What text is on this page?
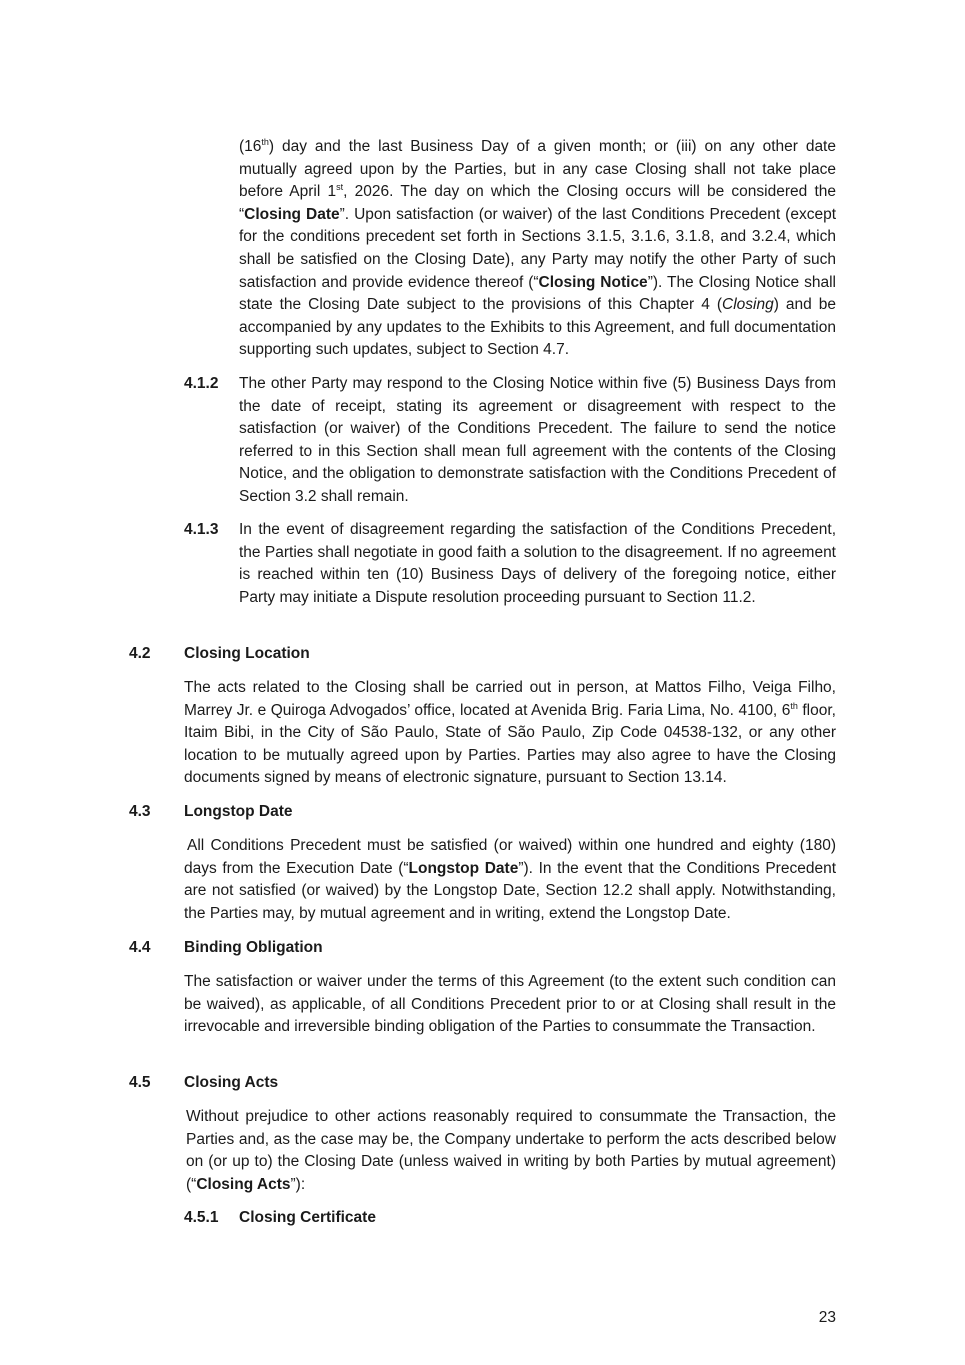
(16th) day and the last Business Day of a given month; or (iii) on any other date mutually agreed upon by the Parties, but in any case Closing shall not take place before April 1st, 2026. The day on which the Closing occurs will be considered the “Closing Date”. Upon satisfaction (or waiver) of the last Conditions Precedent (except for the conditions precedent set forth in Sections 3.1.5, 3.1.6, 3.1.8, and 3.2.4, which shall be satisfied on the Closing Date), any Party may notify the other Party of such satisfaction and provide evidence thereof (“Closing Notice”). The Closing Notice shall state the Closing Date subject to the provisions of this Chapter 4 (Closing) and be accompanied by any updates to the Exhibits to this Agreement, and full documentation supporting such updates, subject to Section 4.7.

4.1.2 The other Party may respond to the Closing Notice within five (5) Business Days from the date of receipt, stating its agreement or disagreement with respect to the satisfaction (or waiver) of the Conditions Precedent. The failure to send the notice referred to in this Section shall mean full agreement with the contents of the Closing Notice, and the obligation to demonstrate satisfaction with the Conditions Precedent of Section 3.2 shall remain.
4.1.3 In the event of disagreement regarding the satisfaction of the Conditions Precedent, the Parties shall negotiate in good faith a solution to the disagreement. If no agreement is reached within ten (10) Business Days of delivery of the foregoing notice, either Party may initiate a Dispute resolution proceeding pursuant to Section 11.2.
4.2 Closing Location

The acts related to the Closing shall be carried out in person, at Mattos Filho, Veiga Filho, Marrey Jr. e Quiroga Advogados’ office, located at Avenida Brig. Faria Lima, No. 4100, 6th floor, Itaim Bibi, in the City of São Paulo, State of São Paulo, Zip Code 04538-132, or any other location to be mutually agreed upon by Parties. Parties may also agree to have the Closing documents signed by means of electronic signature, pursuant to Section 13.14.

4.3 Longstop Date

All Conditions Precedent must be satisfied (or waived) within one hundred and eighty (180) days from the Execution Date (“Longstop Date”). In the event that the Conditions Precedent are not satisfied (or waived) by the Longstop Date, Section 12.2 shall apply. Notwithstanding, the Parties may, by mutual agreement and in writing, extend the Longstop Date.

4.4 Binding Obligation
The satisfaction or waiver under the terms of this Agreement (to the extent such condition can be waived), as applicable, of all Conditions Precedent prior to or at Closing shall result in the irrevocable and irreversible binding obligation of the Parties to consummate the Transaction.
4.5 Closing Acts

Without prejudice to other actions reasonably required to consummate the Transaction, the Parties and, as the case may be, the Company undertake to perform the acts described below on (or up to) the Closing Date (unless waived in writing by both Parties by mutual agreement) (“Closing Acts”):

4.5.1 Closing Certificate
23
